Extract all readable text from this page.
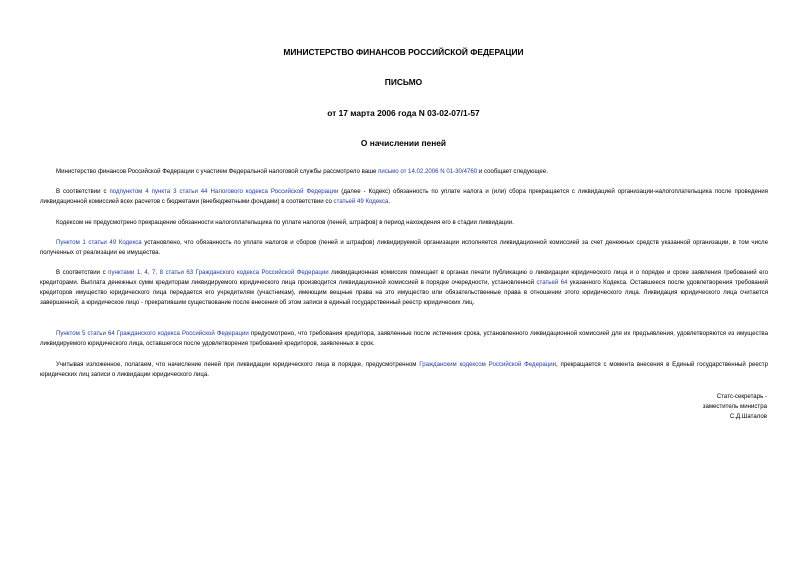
МИНИСТЕРСТВО ФИНАНСОВ РОССИЙСКОЙ ФЕДЕРАЦИИ
ПИСЬМО
от 17 марта 2006 года N 03-02-07/1-57
О начислении пеней
Министерство финансов Российской Федерации с участием Федеральной налоговой службы рассмотрело ваше письмо от 14.02.2006 N 01-30/4760 и сообщает следующее.
В соответствии с подпунктом 4 пункта 3 статьи 44 Налогового кодекса Российской Федерации (далее - Кодекс) обязанность по уплате налога и (или) сбора прекращается с ликвидацией организации-налогоплательщика после проведения ликвидационной комиссией всех расчетов с бюджетами (внебюджетными фондами) в соответствии со статьей 49 Кодекса.
Кодексом не предусмотрено прекращение обязанности налогоплательщика по уплате налогов (пеней, штрафов) в период нахождения его в стадии ликвидации.
Пунктом 1 статьи 49 Кодекса установлено, что обязанность по уплате налогов и сборов (пеней и штрафов) ликвидируемой организации исполняется ликвидационной комиссией за счет денежных средств указанной организации, в том числе полученных от реализации ее имущества.
В соответствии с пунктами 1, 4, 7, 8 статьи 63 Гражданского кодекса Российской Федерации ликвидационная комиссия помещает в органах печати публикацию о ликвидации юридического лица и о порядке и сроке заявления требований его кредиторами. Выплата денежных сумм кредиторам ликвидируемого юридического лица производится ликвидационной комиссией в порядке очередности, установленной статьей 64 указанного Кодекса. Оставшееся после удовлетворения требований кредиторов имущество юридического лица передается его учредителям (участникам), имеющим вещные права на это имущество или обязательственные права в отношении этого юридического лица. Ликвидация юридического лица считается завершенной, а юридическое лицо - прекратившим существование после внесения об этом записи в единый государственный реестр юридических лиц.
Пунктом 5 статьи 64 Гражданского кодекса Российской Федерации предусмотрено, что требования кредитора, заявленные после истечения срока, установленного ликвидационной комиссией для их предъявления, удовлетворяются из имущества ликвидируемого юридического лица, оставшегося после удовлетворения требований кредиторов, заявленных в срок.
Учитывая изложенное, полагаем, что начисление пеней при ликвидации юридического лица в порядке, предусмотренном Гражданским кодексом Российской Федерации, прекращается с момента внесения в Единый государственный реестр юридических лиц записи о ликвидации юридического лица.
Статс-секретарь -
заместитель министра
С.Д.Шаталов
